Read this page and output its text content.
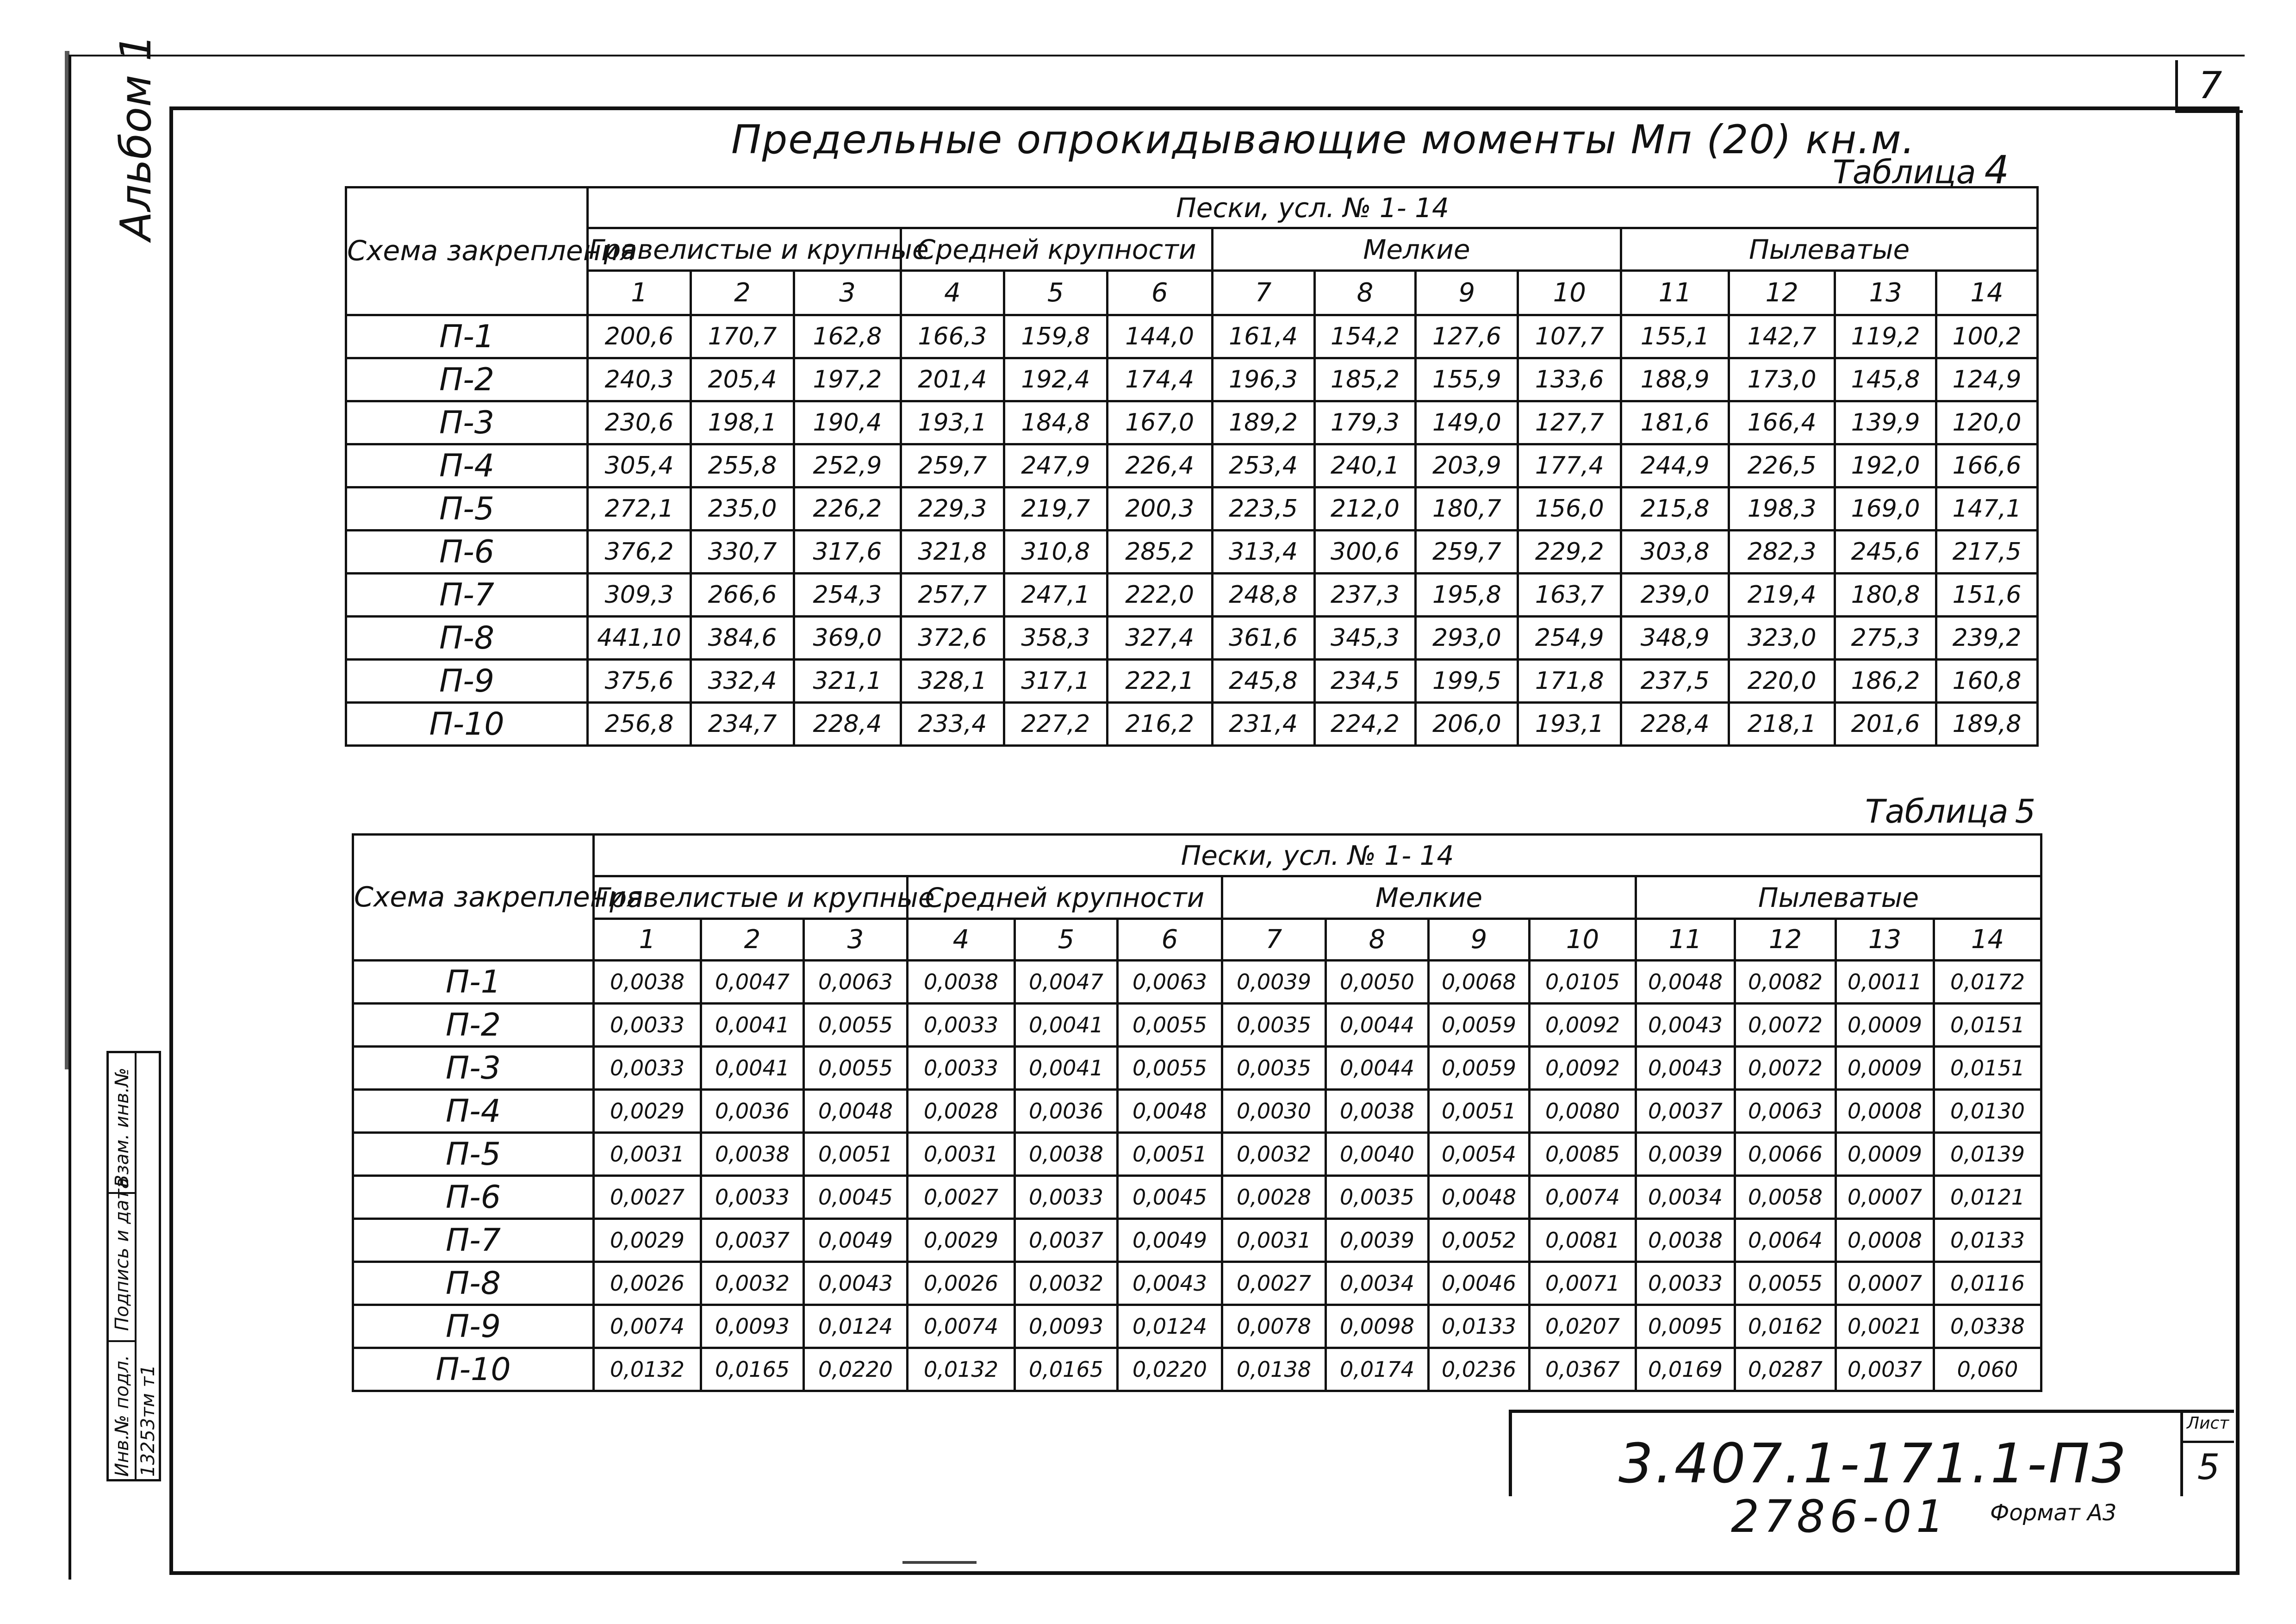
7
Альбом 1
Инв.№ подл.
Подпись и дата
Взам. инв.№
13253тм т1
Предельные опрокидывающие моменты Мп (20) кн.м.
Таблица 4
Схема закрепления	Пески, усл. № 1- 14													
	Гравелистые и крупные			Средней крупности			Мелкие				Пылеватые			
	1	2	3	4	5	6	7	8	9	10	11	12	13	14
П-1	200,6	170,7	162,8	166,3	159,8	144,0	161,4	154,2	127,6	107,7	155,1	142,7	119,2	100,2
П-2	240,3	205,4	197,2	201,4	192,4	174,4	196,3	185,2	155,9	133,6	188,9	173,0	145,8	124,9
П-3	230,6	198,1	190,4	193,1	184,8	167,0	189,2	179,3	149,0	127,7	181,6	166,4	139,9	120,0
П-4	305,4	255,8	252,9	259,7	247,9	226,4	253,4	240,1	203,9	177,4	244,9	226,5	192,0	166,6
П-5	272,1	235,0	226,2	229,3	219,7	200,3	223,5	212,0	180,7	156,0	215,8	198,3	169,0	147,1
П-6	376,2	330,7	317,6	321,8	310,8	285,2	313,4	300,6	259,7	229,2	303,8	282,3	245,6	217,5
П-7	309,3	266,6	254,3	257,7	247,1	222,0	248,8	237,3	195,8	163,7	239,0	219,4	180,8	151,6
П-8	441,10	384,6	369,0	372,6	358,3	327,4	361,6	345,3	293,0	254,9	348,9	323,0	275,3	239,2
П-9	375,6	332,4	321,1	328,1	317,1	222,1	245,8	234,5	199,5	171,8	237,5	220,0	186,2	160,8
П-10	256,8	234,7	228,4	233,4	227,2	216,2	231,4	224,2	206,0	193,1	228,4	218,1	201,6	189,8
Таблица 5
Схема закрепления	Пески, усл. № 1- 14													
	Гравелистые и крупные			Средней крупности			Мелкие				Пылеватые			
	1	2	3	4	5	6	7	8	9	10	11	12	13	14
П-1	0,0038	0,0047	0,0063	0,0038	0,0047	0,0063	0,0039	0,0050	0,0068	0,0105	0,0048	0,0082	0,0011	0,0172
П-2	0,0033	0,0041	0,0055	0,0033	0,0041	0,0055	0,0035	0,0044	0,0059	0,0092	0,0043	0,0072	0,0009	0,0151
П-3	0,0033	0,0041	0,0055	0,0033	0,0041	0,0055	0,0035	0,0044	0,0059	0,0092	0,0043	0,0072	0,0009	0,0151
П-4	0,0029	0,0036	0,0048	0,0028	0,0036	0,0048	0,0030	0,0038	0,0051	0,0080	0,0037	0,0063	0,0008	0,0130
П-5	0,0031	0,0038	0,0051	0,0031	0,0038	0,0051	0,0032	0,0040	0,0054	0,0085	0,0039	0,0066	0,0009	0,0139
П-6	0,0027	0,0033	0,0045	0,0027	0,0033	0,0045	0,0028	0,0035	0,0048	0,0074	0,0034	0,0058	0,0007	0,0121
П-7	0,0029	0,0037	0,0049	0,0029	0,0037	0,0049	0,0031	0,0039	0,0052	0,0081	0,0038	0,0064	0,0008	0,0133
П-8	0,0026	0,0032	0,0043	0,0026	0,0032	0,0043	0,0027	0,0034	0,0046	0,0071	0,0033	0,0055	0,0007	0,0116
П-9	0,0074	0,0093	0,0124	0,0074	0,0093	0,0124	0,0078	0,0098	0,0133	0,0207	0,0095	0,0162	0,0021	0,0338
П-10	0,0132	0,0165	0,0220	0,0132	0,0165	0,0220	0,0138	0,0174	0,0236	0,0367	0,0169	0,0287	0,0037	0,060
3.407.1-171.1-П3
Лист
5
2786-01 Формат А3
